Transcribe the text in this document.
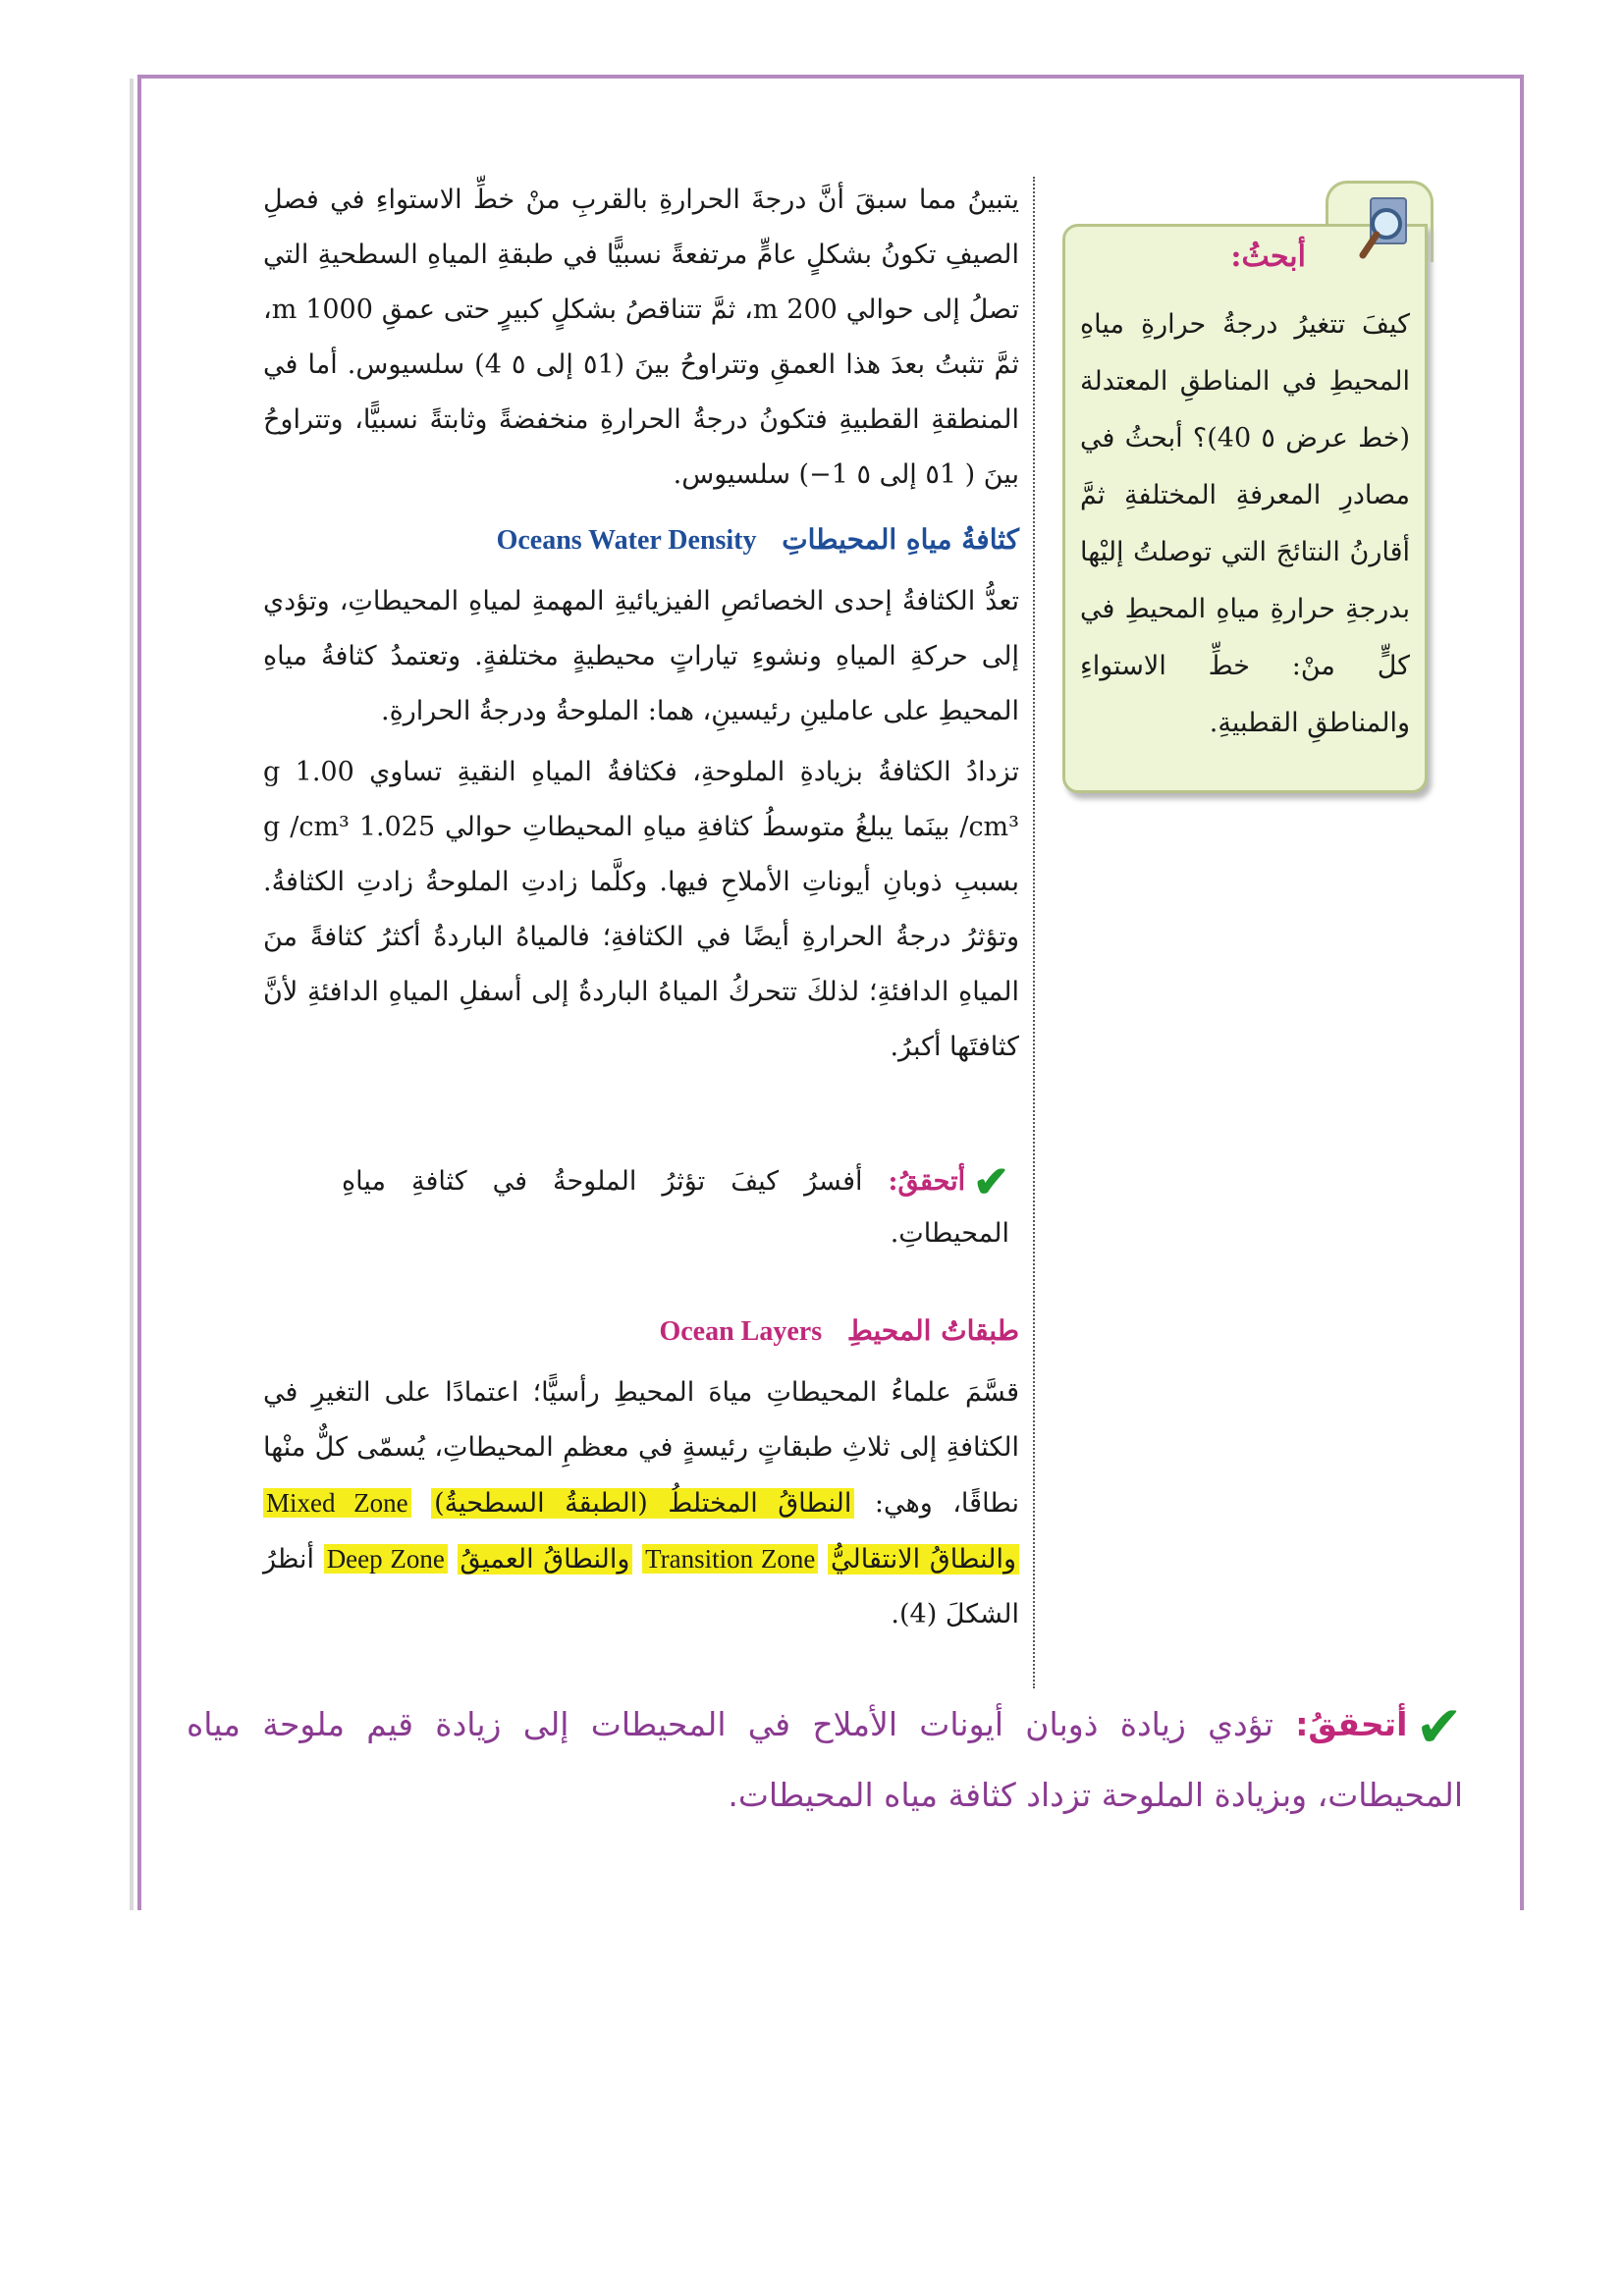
أبحثُ:

كيفَ تتغيرُ درجةُ حرارةِ مياهِ المحيطِ في المناطقِ المعتدلة (خط عرض ٥ 40)؟ أبحثُ في مصادرِ المعرفةِ المختلفةِ ثمَّ أقارنُ النتائجَ التي توصلتُ إليْها بدرجةِ حرارةِ مياهِ المحيطِ في كلٍّ منْ: خطِّ الاستواءِ والمناطقِ القطبيةِ.

يتبينُ مما سبقَ أنَّ درجةَ الحرارةِ بالقربِ منْ خطِّ الاستواءِ في فصلِ الصيفِ تكونُ بشكلٍ عامٍّ مرتفعةً نسبيًّا في طبقةِ المياهِ السطحيةِ التي تصلُ إلى حوالي 200 m، ثمَّ تتناقصُ بشكلٍ كبيرٍ حتى عمقِ 1000 m، ثمَّ تثبتُ بعدَ هذا العمقِ وتتراوحُ بينَ (٥1 إلى ٥ 4) سلسيوس. أما في المنطقةِ القطبيةِ فتكونُ درجةُ الحرارةِ منخفضةً وثابتةً نسبيًّا، وتتراوحُ بينَ ( ٥1 إلى ٥ 1−) سلسيوس.

كثافةُ مياهِ المحيطاتِ Oceans Water Density

تعدُّ الكثافةُ إحدى الخصائصِ الفيزيائيةِ المهمةِ لمياهِ المحيطاتِ، وتؤدي إلى حركةِ المياهِ ونشوءِ تياراتٍ محيطيةٍ مختلفةٍ. وتعتمدُ كثافةُ مياهِ المحيطِ على عاملينِ رئيسينِ، هما: الملوحةُ ودرجةُ الحرارةِ.

تزدادُ الكثافةُ بزيادةِ الملوحةِ، فكثافةُ المياهِ النقيةِ تساوي 1.00 g /cm³ بينَما يبلغُ متوسطُ كثافةِ مياهِ المحيطاتِ حوالي 1.025 g /cm³ بسببِ ذوبانِ أيوناتِ الأملاحِ فيها. وكلَّما زادتِ الملوحةُ زادتِ الكثافةُ. وتؤثرُ درجةُ الحرارةِ أيضًا في الكثافةِ؛ فالمياهُ الباردةُ أكثرُ كثافةً منَ المياهِ الدافئةِ؛ لذلكَ تتحركُ المياهُ الباردةُ إلى أسفلِ المياهِ الدافئةِ لأنَّ كثافتَها أكبرُ.

✔أتحققُ: أفسرُ كيفَ تؤثرُ الملوحةُ في كثافةِ مياهِ المحيطاتِ.
طبقاتُ المحيطِ Ocean Layers

قسَّمَ علماءُ المحيطاتِ مياهَ المحيطِ رأسيًّا؛ اعتمادًا على التغيرِ في الكثافةِ إلى ثلاثِ طبقاتٍ رئيسةٍ في معظمِ المحيطاتِ، يُسمّى كلٌّ منْها نطاقًا، وهي: النطاقُ المختلطُ (الطبقةُ السطحيةُ) Mixed Zone والنطاقُ الانتقاليُّ Transition Zone والنطاقُ العميقُ Deep Zone أنظرُ الشكلَ (4).

✔أتحققُ: تؤدي زيادة ذوبان أيونات الأملاح في المحيطات إلى زيادة قيم ملوحة مياه المحيطات، وبزيادة الملوحة تزداد كثافة مياه المحيطات.
